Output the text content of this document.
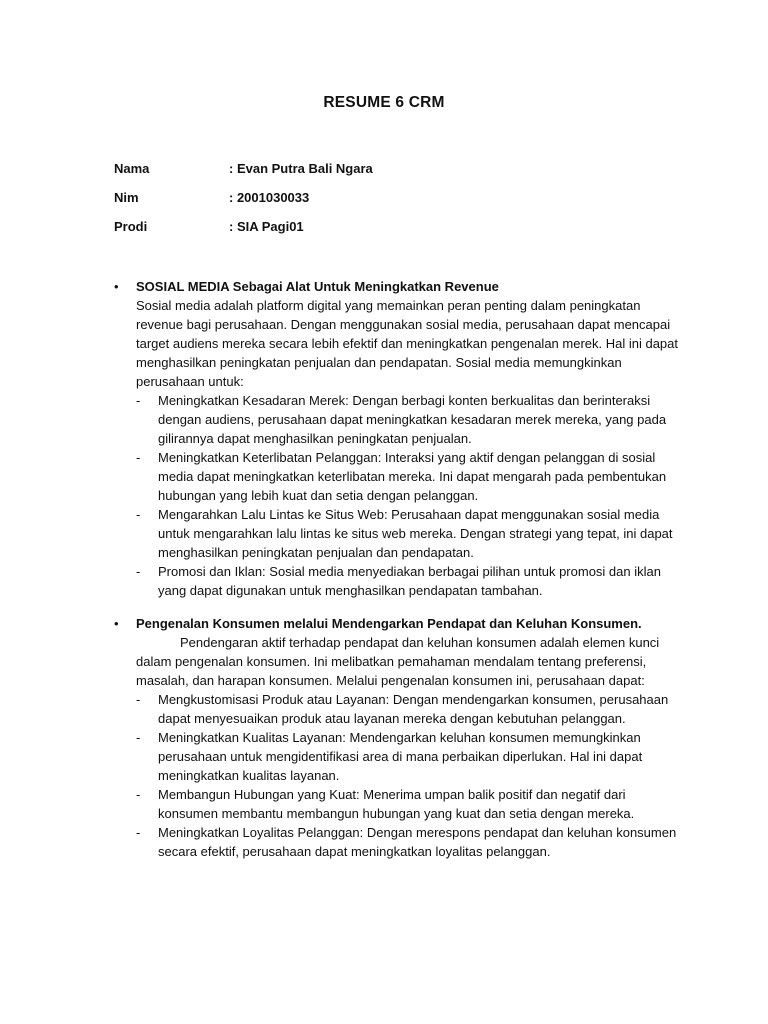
RESUME 6 CRM
Nama	: Evan Putra Bali Ngara
Nim	: 2001030033
Prodi	: SIA Pagi01
• SOSIAL MEDIA Sebagai Alat Untuk Meningkatkan Revenue
Sosial media adalah platform digital yang memainkan peran penting dalam peningkatan revenue bagi perusahaan. Dengan menggunakan sosial media, perusahaan dapat mencapai target audiens mereka secara lebih efektif dan meningkatkan pengenalan merek. Hal ini dapat menghasilkan peningkatan penjualan dan pendapatan. Sosial media memungkinkan perusahaan untuk:
- Meningkatkan Kesadaran Merek: Dengan berbagi konten berkualitas dan berinteraksi dengan audiens, perusahaan dapat meningkatkan kesadaran merek mereka, yang pada gilirannya dapat menghasilkan peningkatan penjualan.
- Meningkatkan Keterlibatan Pelanggan: Interaksi yang aktif dengan pelanggan di sosial media dapat meningkatkan keterlibatan mereka. Ini dapat mengarah pada pembentukan hubungan yang lebih kuat dan setia dengan pelanggan.
- Mengarahkan Lalu Lintas ke Situs Web: Perusahaan dapat menggunakan sosial media untuk mengarahkan lalu lintas ke situs web mereka. Dengan strategi yang tepat, ini dapat menghasilkan peningkatan penjualan dan pendapatan.
- Promosi dan Iklan: Sosial media menyediakan berbagai pilihan untuk promosi dan iklan yang dapat digunakan untuk menghasilkan pendapatan tambahan.
• Pengenalan Konsumen melalui Mendengarkan Pendapat dan Keluhan Konsumen.
Pendengaran aktif terhadap pendapat dan keluhan konsumen adalah elemen kunci dalam pengenalan konsumen. Ini melibatkan pemahaman mendalam tentang preferensi, masalah, dan harapan konsumen. Melalui pengenalan konsumen ini, perusahaan dapat:
- Mengkustomisasi Produk atau Layanan: Dengan mendengarkan konsumen, perusahaan dapat menyesuaikan produk atau layanan mereka dengan kebutuhan pelanggan.
- Meningkatkan Kualitas Layanan: Mendengarkan keluhan konsumen memungkinkan perusahaan untuk mengidentifikasi area di mana perbaikan diperlukan. Hal ini dapat meningkatkan kualitas layanan.
- Membangun Hubungan yang Kuat: Menerima umpan balik positif dan negatif dari konsumen membantu membangun hubungan yang kuat dan setia dengan mereka.
- Meningkatkan Loyalitas Pelanggan: Dengan merespons pendapat dan keluhan konsumen secara efektif, perusahaan dapat meningkatkan loyalitas pelanggan.
